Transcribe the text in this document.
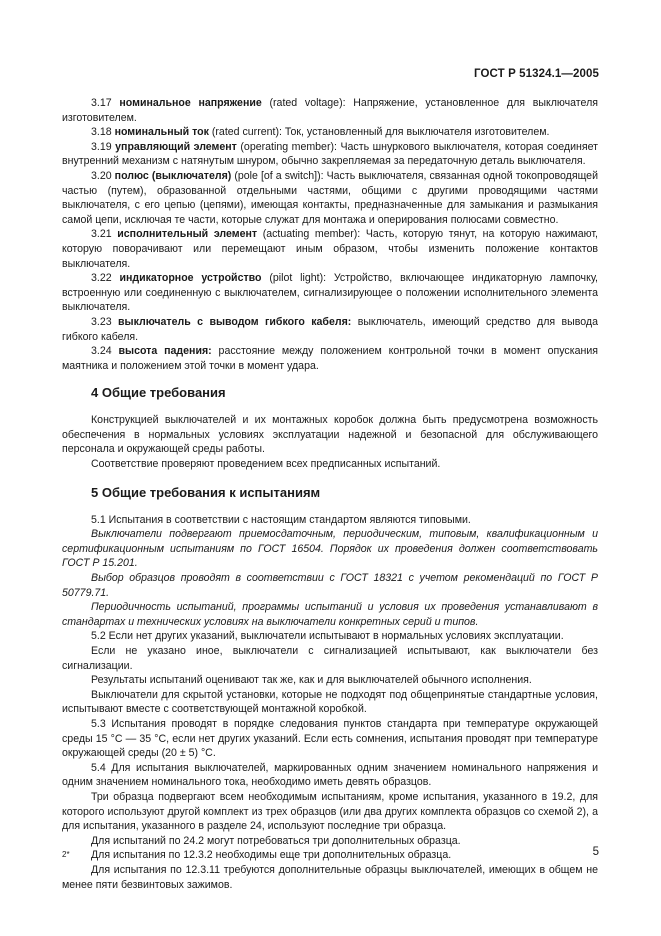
ГОСТ Р 51324.1—2005

3.17 номинальное напряжение (rated voltage): Напряжение, установленное для выключателя изготовителем.

3.18 номинальный ток (rated current): Ток, установленный для выключателя изготовителем.

3.19 управляющий элемент (operating member): Часть шнуркового выключателя, которая соединяет внутренний механизм с натянутым шнуром, обычно закрепляемая за передаточную деталь выключателя.

3.20 полюс (выключателя) (pole [of a switch]): Часть выключателя, связанная одной токопроводящей частью (путем), образованной отдельными частями, общими с другими проводящими частями выключателя, с его цепью (цепями), имеющая контакты, предназначенные для замыкания и размыкания самой цепи, исключая те части, которые служат для монтажа и оперирования полюсами совместно.

3.21 исполнительный элемент (actuating member): Часть, которую тянут, на которую нажимают, которую поворачивают или перемещают иным образом, чтобы изменить положение контактов выключателя.

3.22 индикаторное устройство (pilot light): Устройство, включающее индикаторную лампочку, встроенную или соединенную с выключателем, сигнализирующее о положении исполнительного элемента выключателя.

3.23 выключатель с выводом гибкого кабеля: выключатель, имеющий средство для вывода гибкого кабеля.

3.24 высота падения: расстояние между положением контрольной точки в момент опускания маятника и положением этой точки в момент удара.

4 Общие требования

Конструкцией выключателей и их монтажных коробок должна быть предусмотрена возможность обеспечения в нормальных условиях эксплуатации надежной и безопасной для обслуживающего персонала и окружающей среды работы.

Соответствие проверяют проведением всех предписанных испытаний.

5 Общие требования к испытаниям

5.1 Испытания в соответствии с настоящим стандартом являются типовыми.

Выключатели подвергают приемосдаточным, периодическим, типовым, квалификационным и сертификационным испытаниям по ГОСТ 16504. Порядок их проведения должен соответствовать ГОСТ Р 15.201.

Выбор образцов проводят в соответствии с ГОСТ 18321 с учетом рекомендаций по ГОСТ Р 50779.71.

Периодичность испытаний, программы испытаний и условия их проведения устанавливают в стандартах и технических условиях на выключатели конкретных серий и типов.

5.2 Если нет других указаний, выключатели испытывают в нормальных условиях эксплуатации.

Если не указано иное, выключатели с сигнализацией испытывают, как выключатели без сигнализации.

Результаты испытаний оценивают так же, как и для выключателей обычного исполнения.

Выключатели для скрытой установки, которые не подходят под общепринятые стандартные условия, испытывают вместе с соответствующей монтажной коробкой.

5.3 Испытания проводят в порядке следования пунктов стандарта при температуре окружающей среды 15 °С — 35 °С, если нет других указаний. Если есть сомнения, испытания проводят при температуре окружающей среды (20 ± 5) °С.

5.4 Для испытания выключателей, маркированных одним значением номинального напряжения и одним значением номинального тока, необходимо иметь девять образцов.

Три образца подвергают всем необходимым испытаниям, кроме испытания, указанного в 19.2, для которого используют другой комплект из трех образцов (или два других комплекта образцов со схемой 2), а для испытания, указанного в разделе 24, используют последние три образца.

Для испытаний по 24.2 могут потребоваться три дополнительных образца.

Для испытания по 12.3.2 необходимы еще три дополнительных образца.

Для испытания по 12.3.11 требуются дополнительные образцы выключателей, имеющих в общем не менее пяти безвинтовых зажимов.

2*	5
